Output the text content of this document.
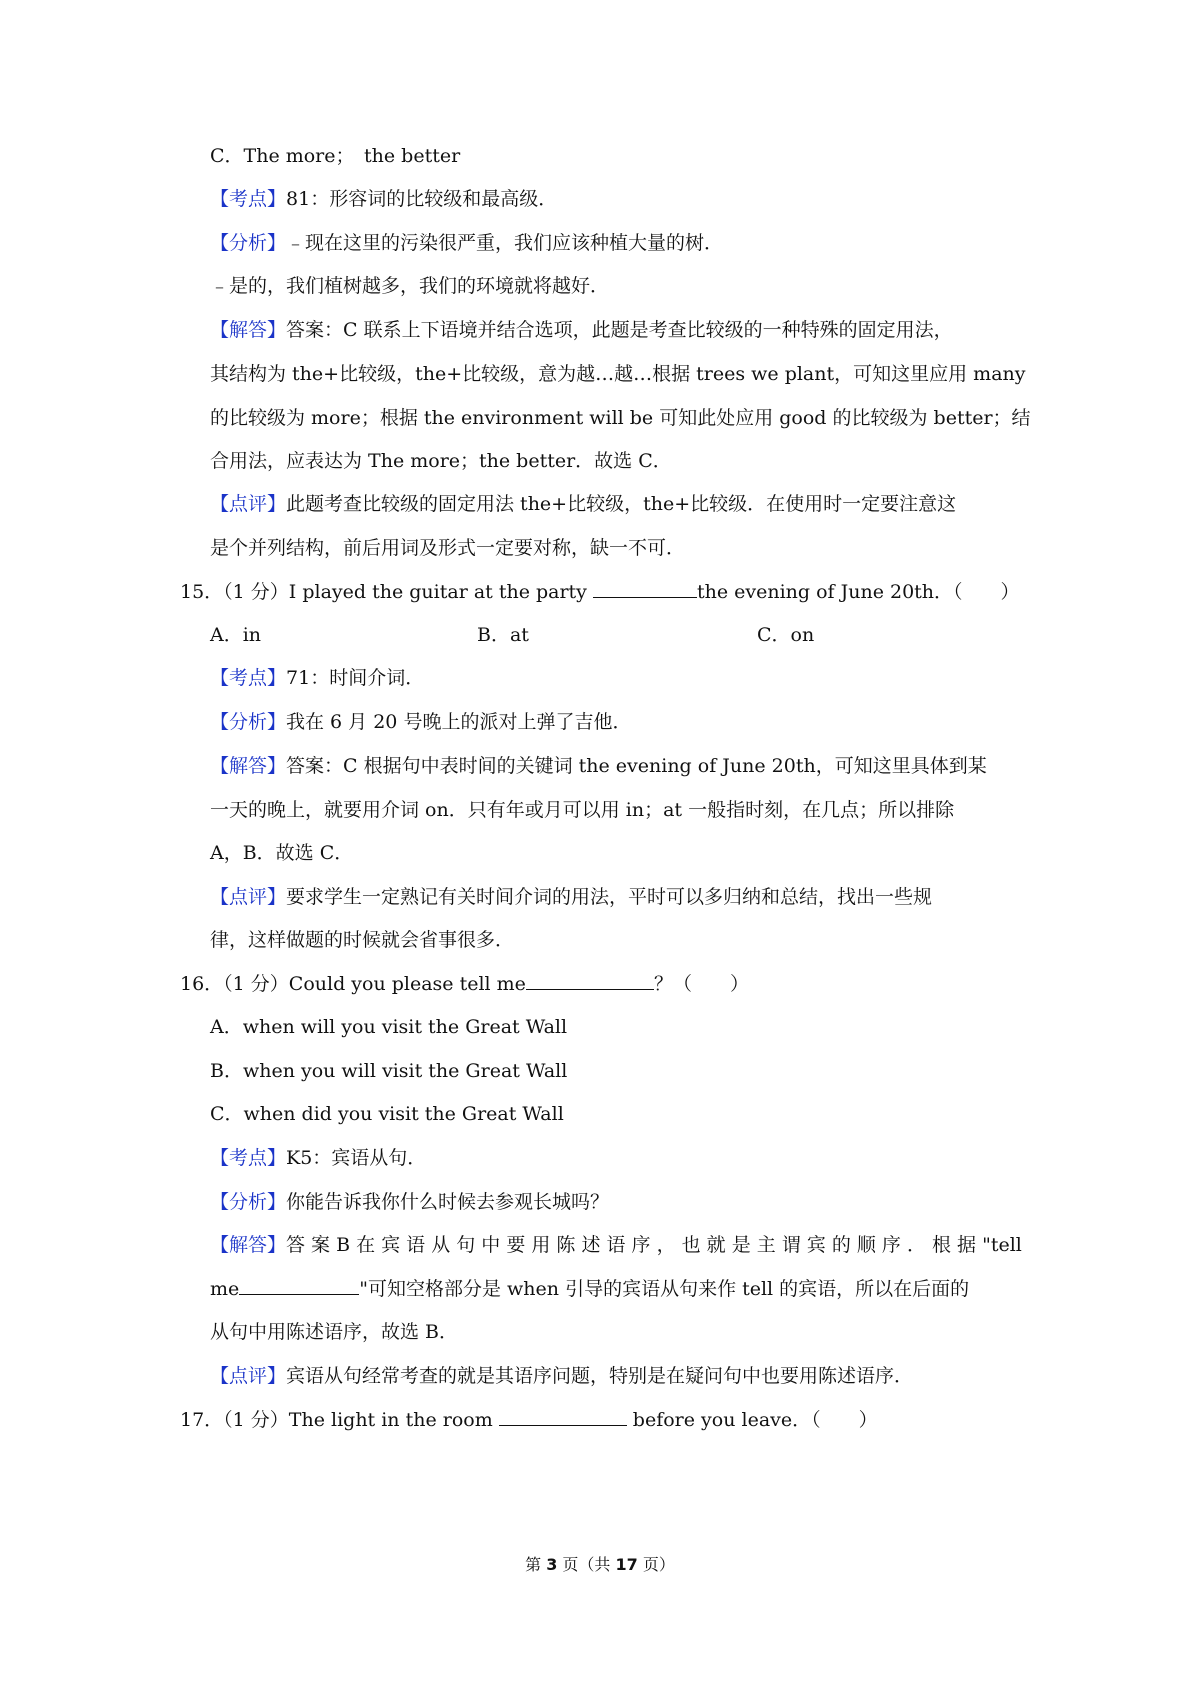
C．The more；　the better
【考点】81：形容词的比较级和最高级．
【分析】﹣现在这里的污染很严重，我们应该种植大量的树．
﹣是的，我们植树越多，我们的环境就将越好．
【解答】答案：C 联系上下语境并结合选项，此题是考查比较级的一种特殊的固定用法，
其结构为 the+比较级，the+比较级，意为越…越…根据 trees we plant，可知这里应用 many
的比较级为 more；根据 the environment will be 可知此处应用 good 的比较级为 better；结
合用法，应表达为 The more；the better．故选 C．
【点评】此题考查比较级的固定用法 the+比较级，the+比较级．在使用时一定要注意这
是个并列结构，前后用词及形式一定要对称，缺一不可．
15．（1 分）I played the guitar at the party	the evening of June 20th．（　　）
A．in	B．at	C．on
【考点】71：时间介词．
【分析】我在 6 月 20 号晚上的派对上弹了吉他．
【解答】答案：C 根据句中表时间的关键词 the evening of June 20th，可知这里具体到某
一天的晚上，就要用介词 on．只有年或月可以用 in；at 一般指时刻，在几点；所以排除
A，B．故选 C．
【点评】要求学生一定熟记有关时间介词的用法，平时可以多归纳和总结，找出一些规
律，这样做题的时候就会省事很多．
16．（1 分）Could you please tell me	？（　　）
A．when will you visit the Great Wall
B．when you will visit the Great Wall
C．when did you visit the Great Wall
【考点】K5：宾语从句．
【分析】你能告诉我你什么时候去参观长城吗？
【解答】答 案 B 在 宾 语 从 句 中 要 用 陈 述 语 序 ， 也 就 是 主 谓 宾 的 顺 序 ． 根 据 "tell
me	"可知空格部分是 when 引导的宾语从句来作 tell 的宾语，所以在后面的
从句中用陈述语序，故选 B．
【点评】宾语从句经常考查的就是其语序问题，特别是在疑问句中也要用陈述语序．
17．（1 分）The light in the room	before you leave．（　　）
第 3 页（共 17 页）
